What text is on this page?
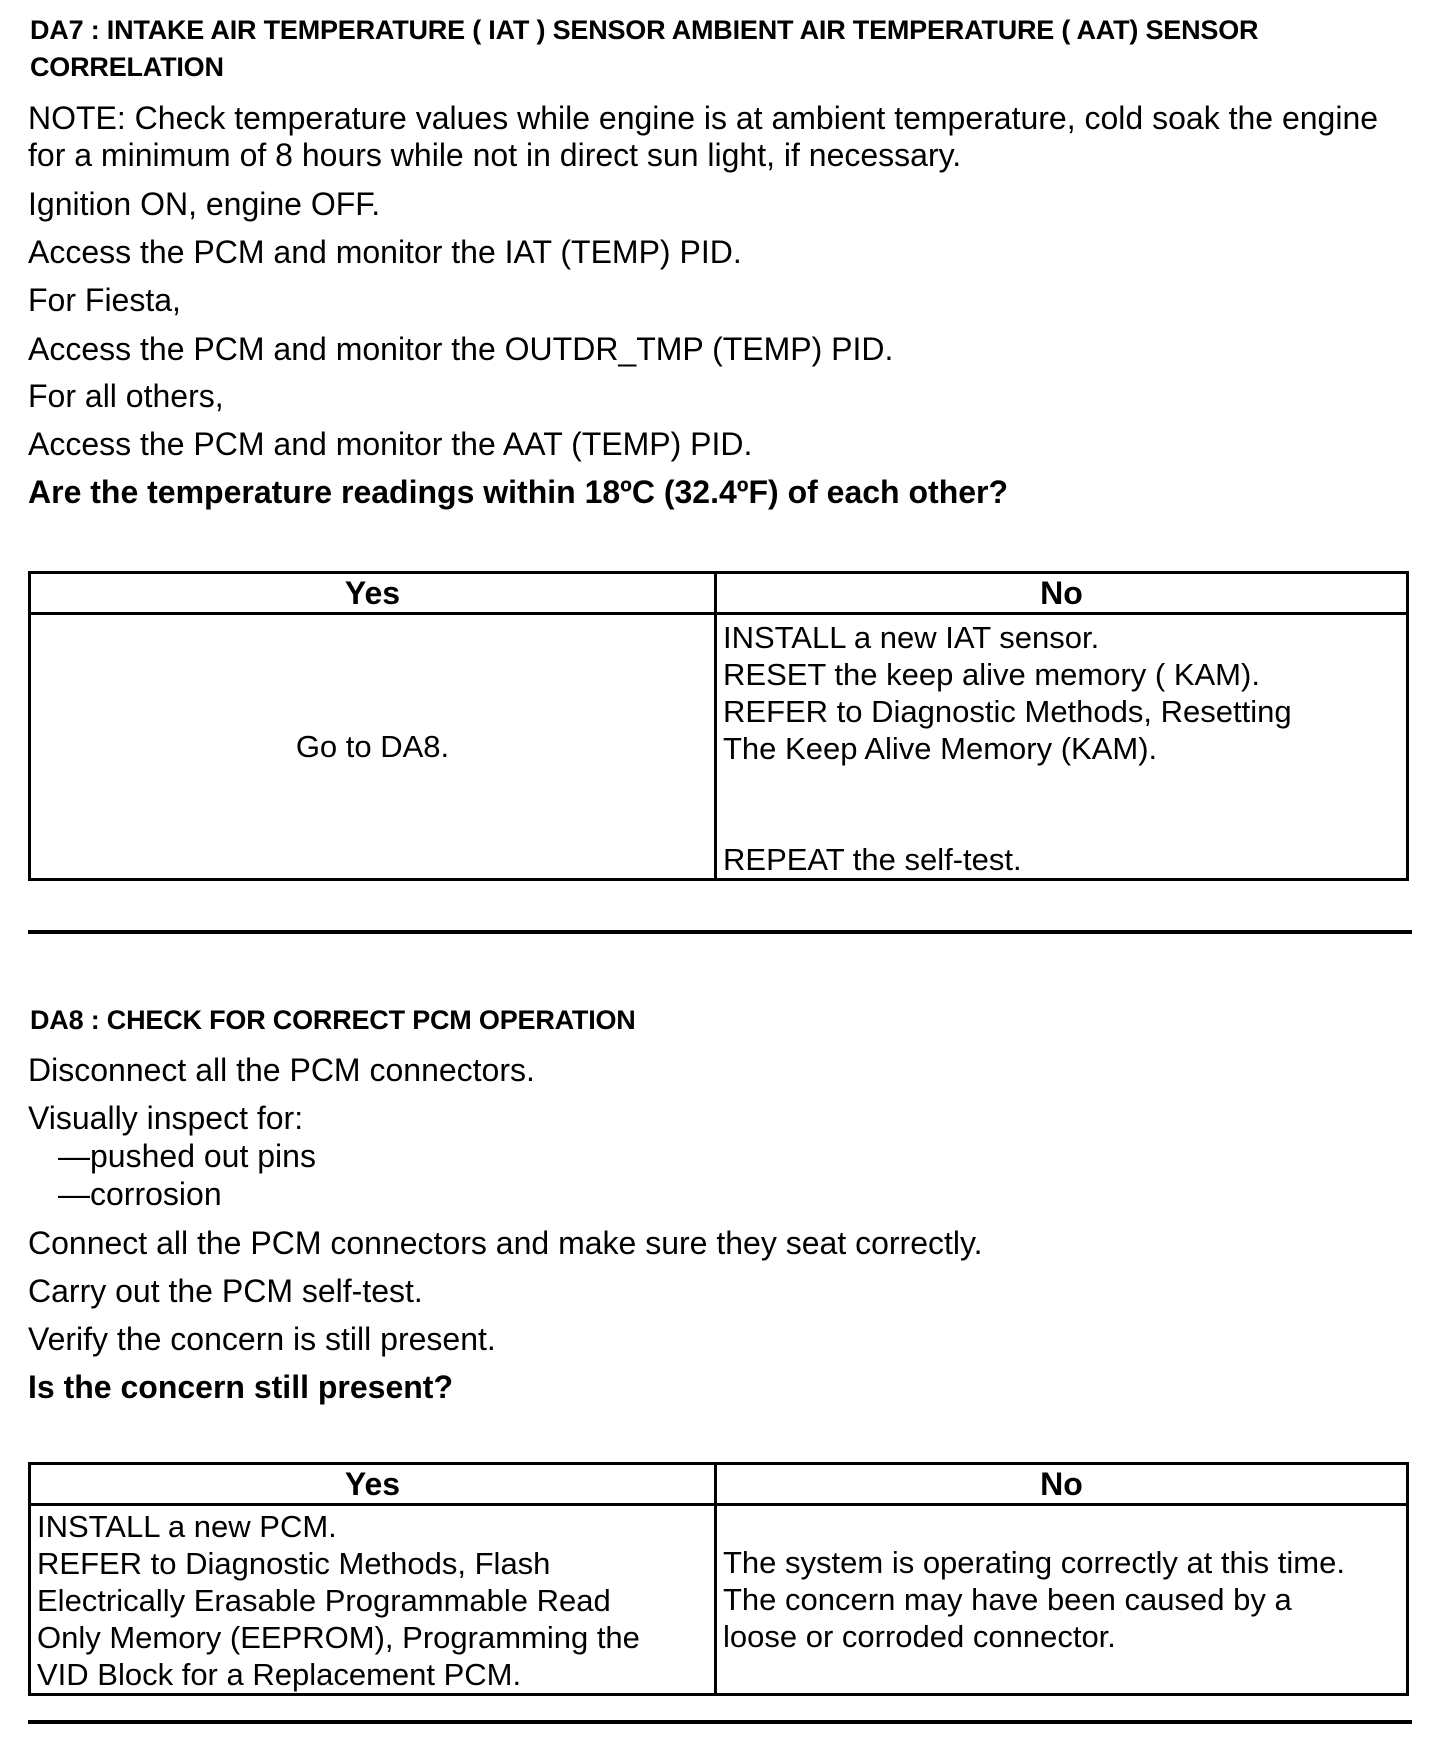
DA7 : INTAKE AIR TEMPERATURE ( IAT ) SENSOR AMBIENT AIR TEMPERATURE ( AAT) SENSOR
CORRELATION
NOTE: Check temperature values while engine is at ambient temperature, cold soak the engine for a minimum of 8 hours while not in direct sun light, if necessary.
Ignition ON, engine OFF.
Access the PCM and monitor the IAT (TEMP) PID.
For Fiesta,
Access the PCM and monitor the OUTDR_TMP (TEMP) PID.
For all others,
Access the PCM and monitor the AAT (TEMP) PID.
Are the temperature readings within 18ºC (32.4ºF) of each other?
Yes	No
Go to DA8.	INSTALL a new IAT sensor.
RESET the keep alive memory ( KAM).
REFER to Diagnostic Methods, Resetting
The Keep Alive Memory (KAM).
REPEAT the self-test.
DA8 : CHECK FOR CORRECT PCM OPERATION
Disconnect all the PCM connectors.
Visually inspect for:
—pushed out pins
—corrosion
Connect all the PCM connectors and make sure they seat correctly.
Carry out the PCM self-test.
Verify the concern is still present.
Is the concern still present?
Yes	No

INSTALL a new PCM.
REFER to Diagnostic Methods, Flash
Electrically Erasable Programmable Read
Only Memory (EEPROM), Programming the
VID Block for a Replacement PCM.	The system is operating correctly at this time.
The concern may have been caused by a
loose or corroded connector.
